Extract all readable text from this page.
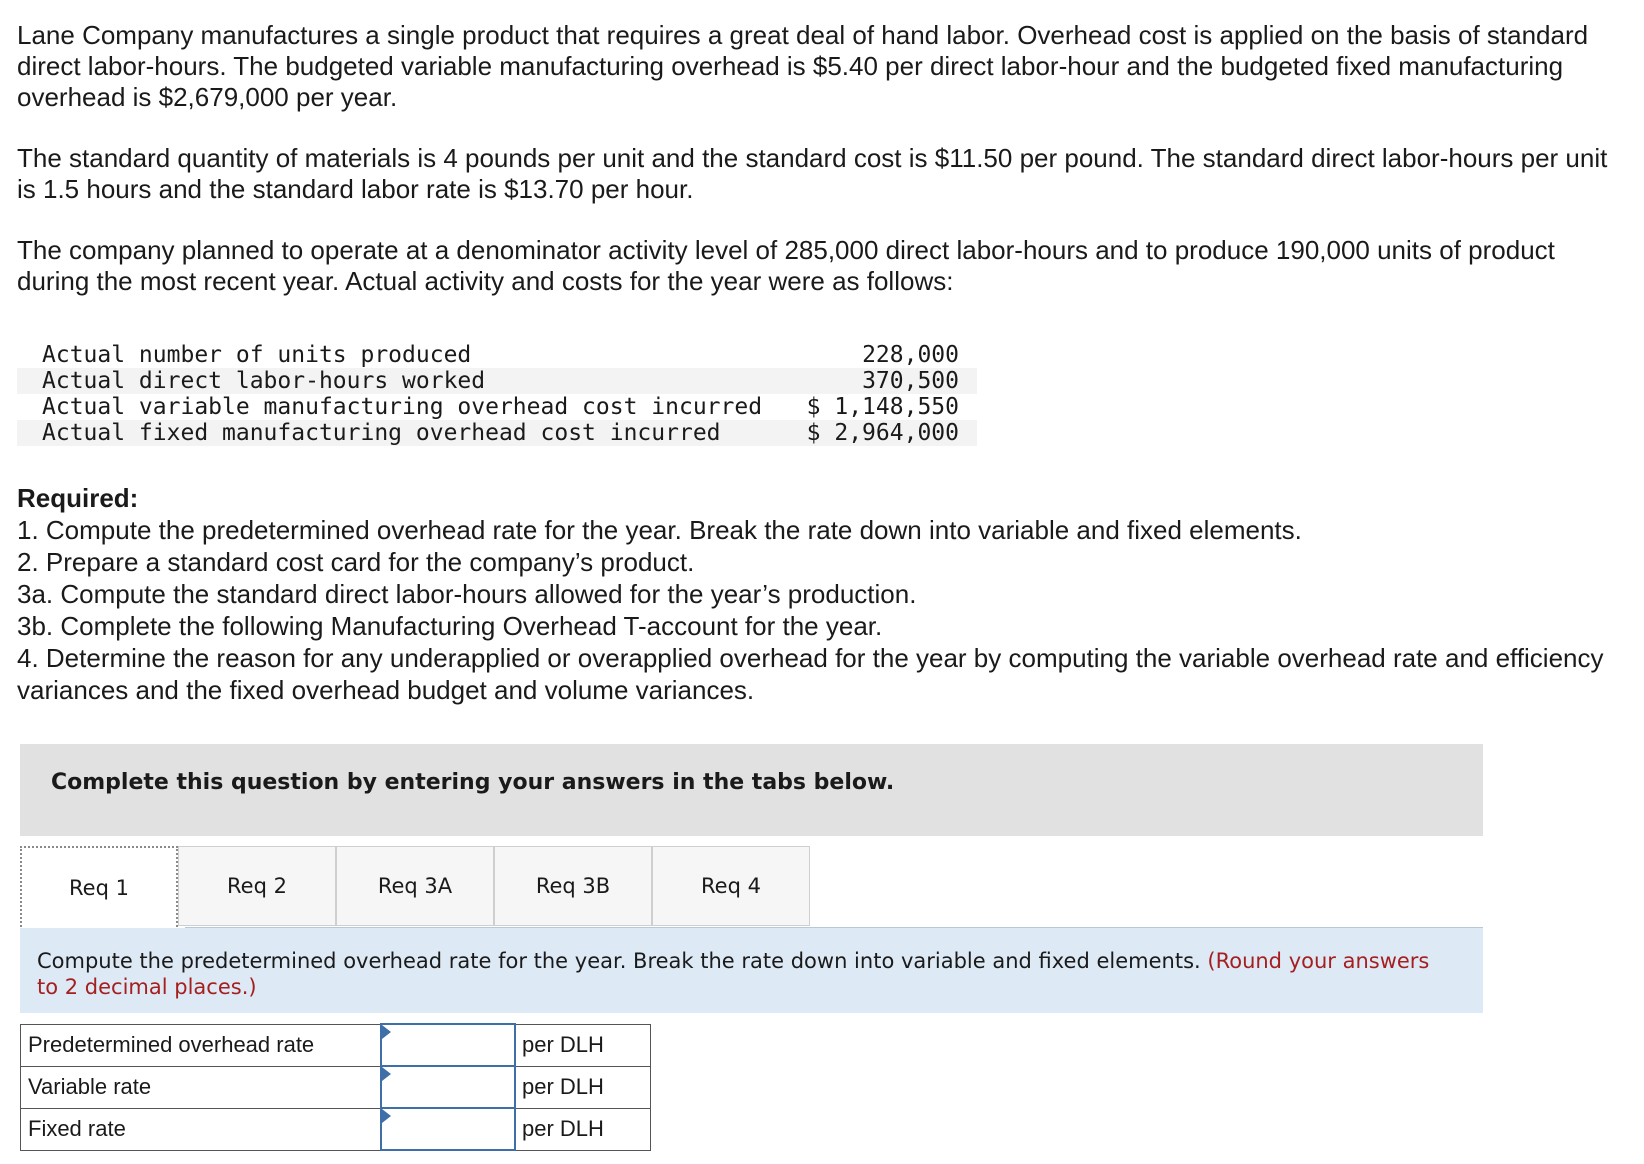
Lane Company manufactures a single product that requires a great deal of hand labor. Overhead cost is applied on the basis of standard direct labor-hours. The budgeted variable manufacturing overhead is $5.40 per direct labor-hour and the budgeted fixed manufacturing overhead is $2,679,000 per year.

The standard quantity of materials is 4 pounds per unit and the standard cost is $11.50 per pound. The standard direct labor-hours per unit is 1.5 hours and the standard labor rate is $13.70 per hour.

The company planned to operate at a denominator activity level of 285,000 direct labor-hours and to produce 190,000 units of product during the most recent year. Actual activity and costs for the year were as follows:

Actual number of units produced	228,000
Actual direct labor-hours worked	370,500
Actual variable manufacturing overhead cost incurred	$ 1,148,550
Actual fixed manufacturing overhead cost incurred	$ 2,964,000
Required:
1. Compute the predetermined overhead rate for the year. Break the rate down into variable and fixed elements.
2. Prepare a standard cost card for the company’s product.
3a. Compute the standard direct labor-hours allowed for the year’s production.
3b. Complete the following Manufacturing Overhead T-account for the year.
4. Determine the reason for any underapplied or overapplied overhead for the year by computing the variable overhead rate and efficiency variances and the fixed overhead budget and volume variances.
Complete this question by entering your answers in the tabs below.
Req 1	Req 2	Req 3A	Req 3B	Req 4

Compute the predetermined overhead rate for the year. Break the rate down into variable and fixed elements. (Round your answers to 2 decimal places.)

Predetermined overhead rate		per DLH
Variable rate		per DLH
Fixed rate		per DLH
